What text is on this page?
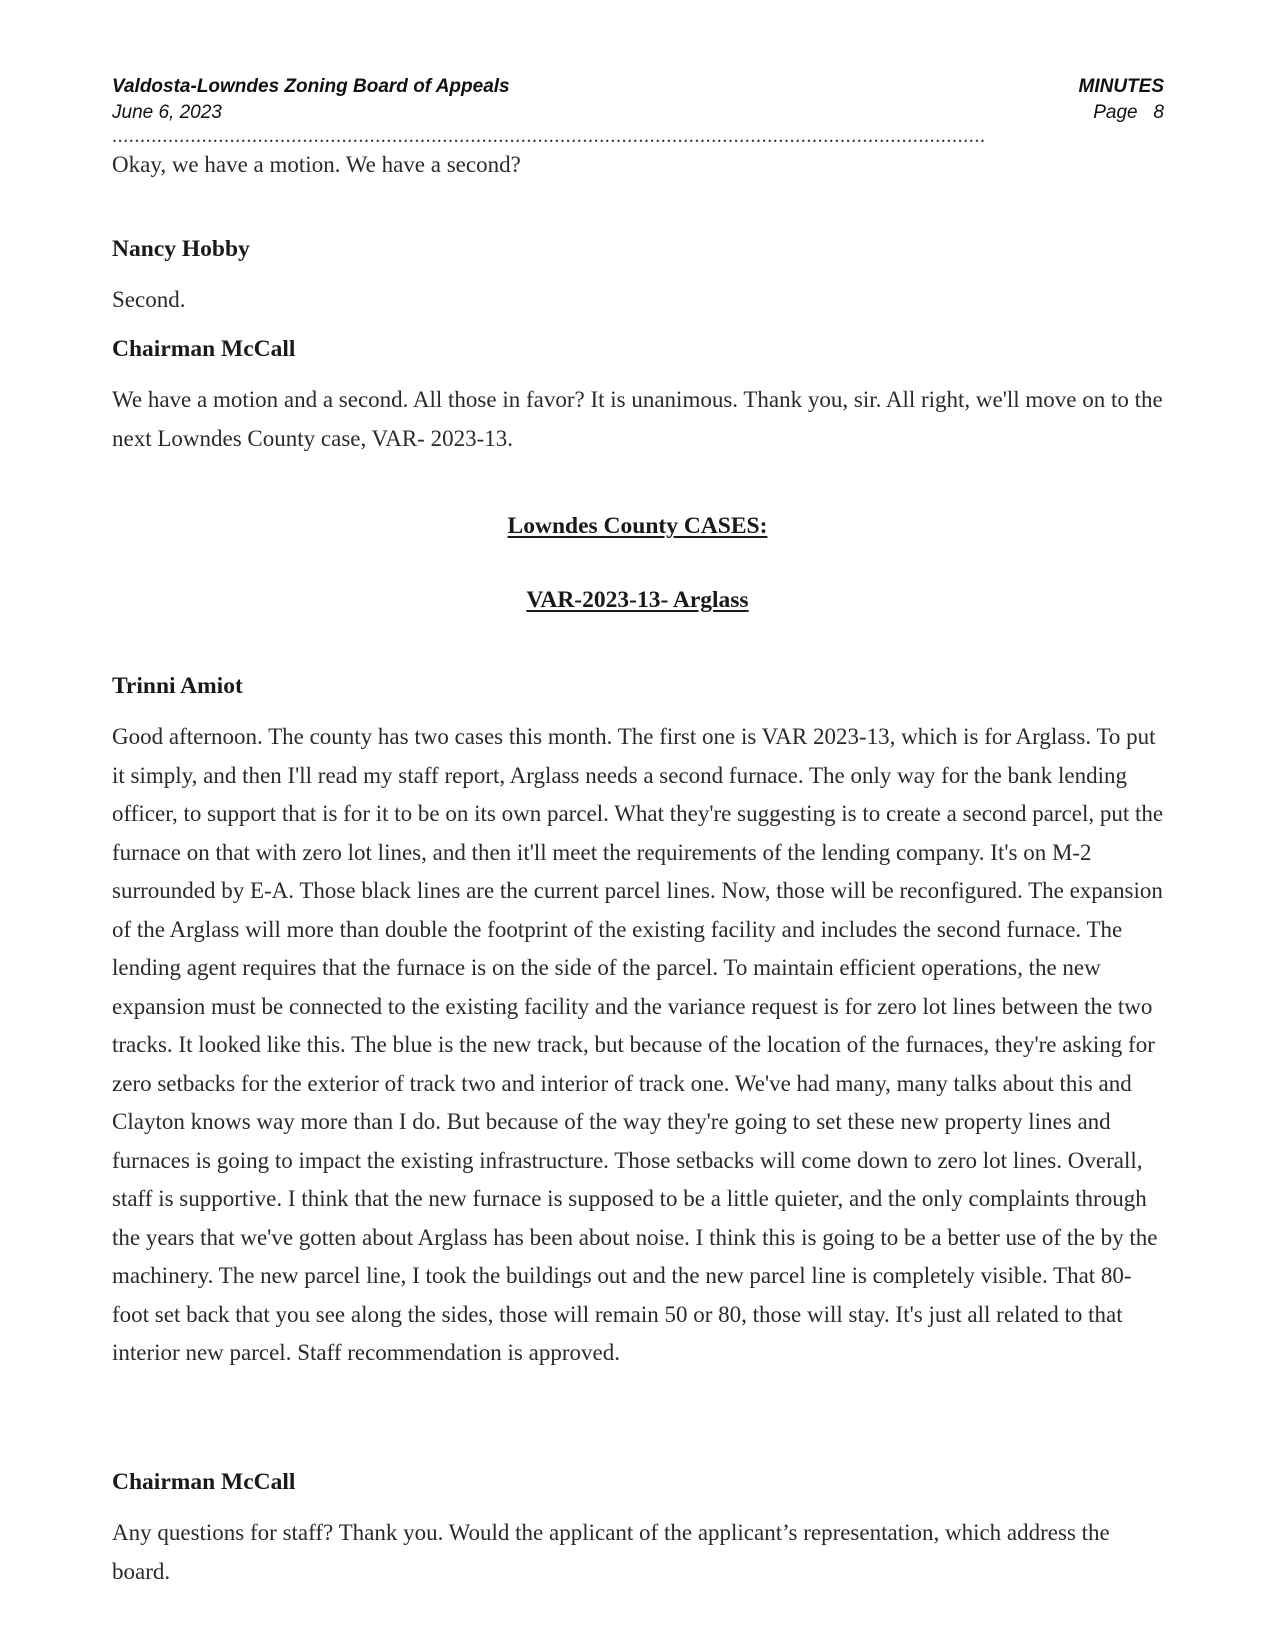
Valdosta-Lowndes Zoning Board of Appeals	MINUTES
June 6, 2023	Page   8
............................................................................................................................................................
Okay, we have a motion. We have a second?
Nancy Hobby
Second.
Chairman McCall
We have a motion and a second. All those in favor? It is unanimous. Thank you, sir. All right, we'll move on to the next Lowndes County case, VAR- 2023-13.
Lowndes County CASES:
VAR-2023-13- Arglass
Trinni Amiot
Good afternoon. The county has two cases this month. The first one is VAR 2023-13, which is for Arglass. To put it simply, and then I'll read my staff report, Arglass needs a second furnace. The only way for the bank lending officer, to support that is for it to be on its own parcel. What they're suggesting is to create a second parcel, put the furnace on that with zero lot lines, and then it'll meet the requirements of the lending company. It's on M-2 surrounded by E-A. Those black lines are the current parcel lines. Now, those will be reconfigured. The expansion of the Arglass will more than double the footprint of the existing facility and includes the second furnace. The lending agent requires that the furnace is on the side of the parcel. To maintain efficient operations, the new expansion must be connected to the existing facility and the variance request is for zero lot lines between the two tracks. It looked like this. The blue is the new track, but because of the location of the furnaces, they're asking for zero setbacks for the exterior of track two and interior of track one. We've had many, many talks about this and Clayton knows way more than I do. But because of the way they're going to set these new property lines and furnaces is going to impact the existing infrastructure. Those setbacks will come down to zero lot lines. Overall, staff is supportive. I think that the new furnace is supposed to be a little quieter, and the only complaints through the years that we've gotten about Arglass has been about noise. I think this is going to be a better use of the by the machinery. The new parcel line, I took the buildings out and the new parcel line is completely visible. That 80-foot set back that you see along the sides, those will remain 50 or 80, those will stay. It's just all related to that interior new parcel. Staff recommendation is approved.
Chairman McCall
Any questions for staff? Thank you. Would the applicant of the applicant’s representation, which address the board.
